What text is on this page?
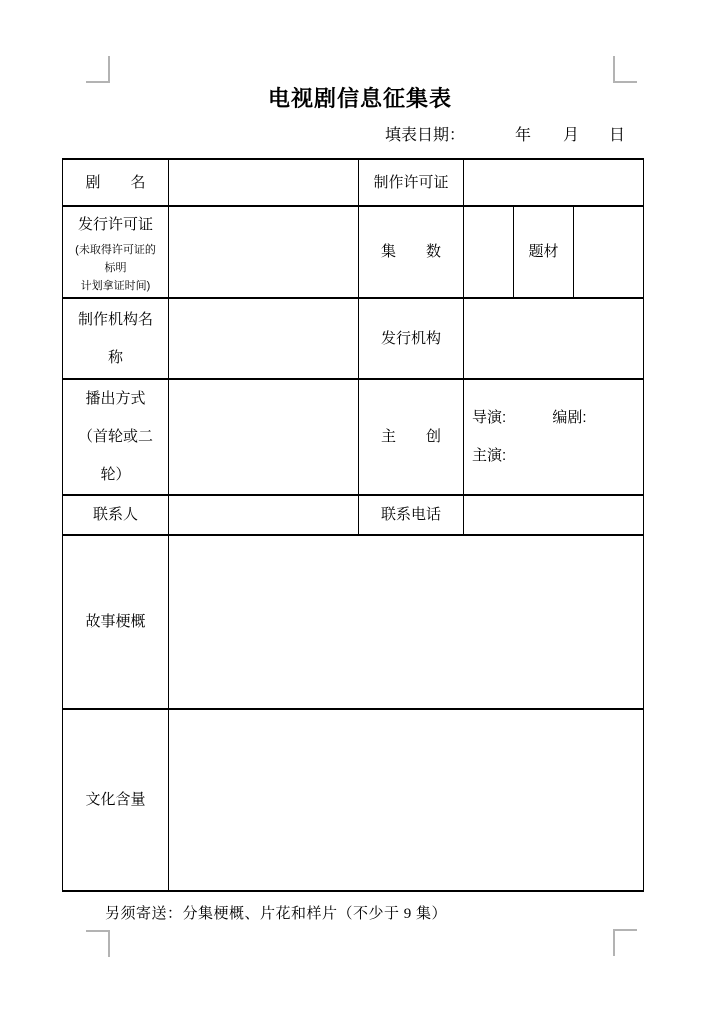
电视剧信息征集表
填表日期：	年 月 日
剧　　名		制作许可证			

发行许可证
(未取得许可证的
标明
计划拿证时间)		集　　数		题材	

制作机构名
称		发行机构			

播出方式
（首轮或二
轮）
		主　　创	
导演:	编剧:
主演:

联系人		联系电话			
故事梗概					
文化含量					
另须寄送：分集梗概、片花和样片（不少于 9 集）
